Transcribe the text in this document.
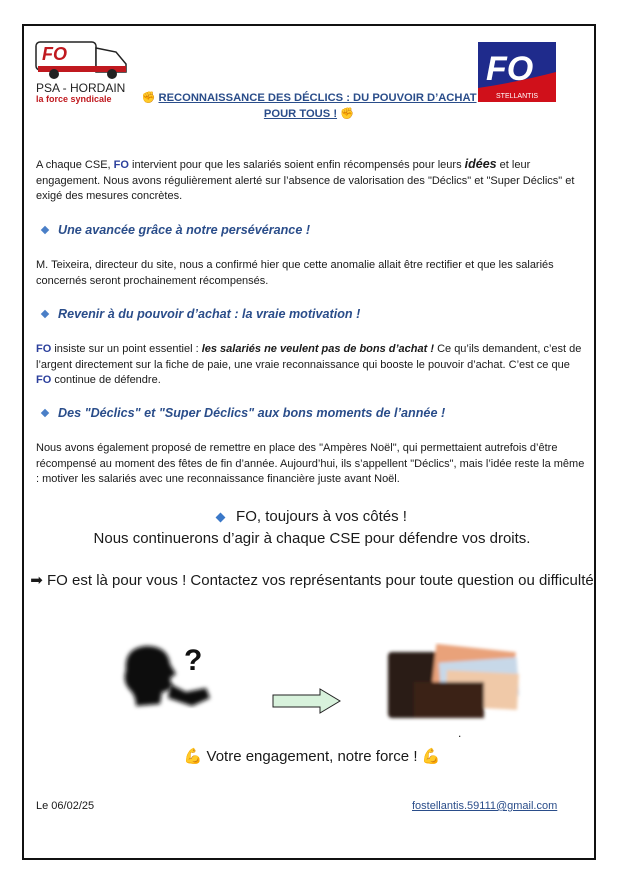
FO
PSA - HORDAIN
la force syndicale
FO
STELLANTIS
✊ RECONNAISSANCE DES DÉCLICS : DU POUVOIR D’ACHAT
POUR TOUS ! ✊
A chaque CSE, FO intervient pour que les salariés soient enfin récompensés pour leurs idées et leur engagement. Nous avons régulièrement alerté sur l’absence de valorisation des "Déclics" et "Super Déclics" et exigé des mesures concrètes.
Une avancée grâce à notre persévérance !
M. Teixeira, directeur du site, nous a confirmé hier que cette anomalie allait être rectifier et que les salariés concernés seront prochainement récompensés.
Revenir à du pouvoir d’achat : la vraie motivation !
FO insiste sur un point essentiel : les salariés ne veulent pas de bons d’achat ! Ce qu’ils demandent, c’est de l’argent directement sur la fiche de paie, une vraie reconnaissance qui booste le pouvoir d’achat. C’est ce que FO continue de défendre.
Des "Déclics" et "Super Déclics" aux bons moments de l’année !
Nous avons également proposé de remettre en place des "Ampères Noël", qui permettaient autrefois d’être récompensé au moment des fêtes de fin d’année. Aujourd’hui, ils s’appellent "Déclics", mais l’idée reste la même : motiver les salariés avec une reconnaissance financière juste avant Noël.
FO, toujours à vos côtés !
Nous continuerons d’agir à chaque CSE pour défendre vos droits.
➡ FO est là pour vous ! Contactez vos représentants pour toute question ou difficulté
?
.
💪 Votre engagement, notre force ! 💪
Le 06/02/25	fostellantis.59111@gmail.com
